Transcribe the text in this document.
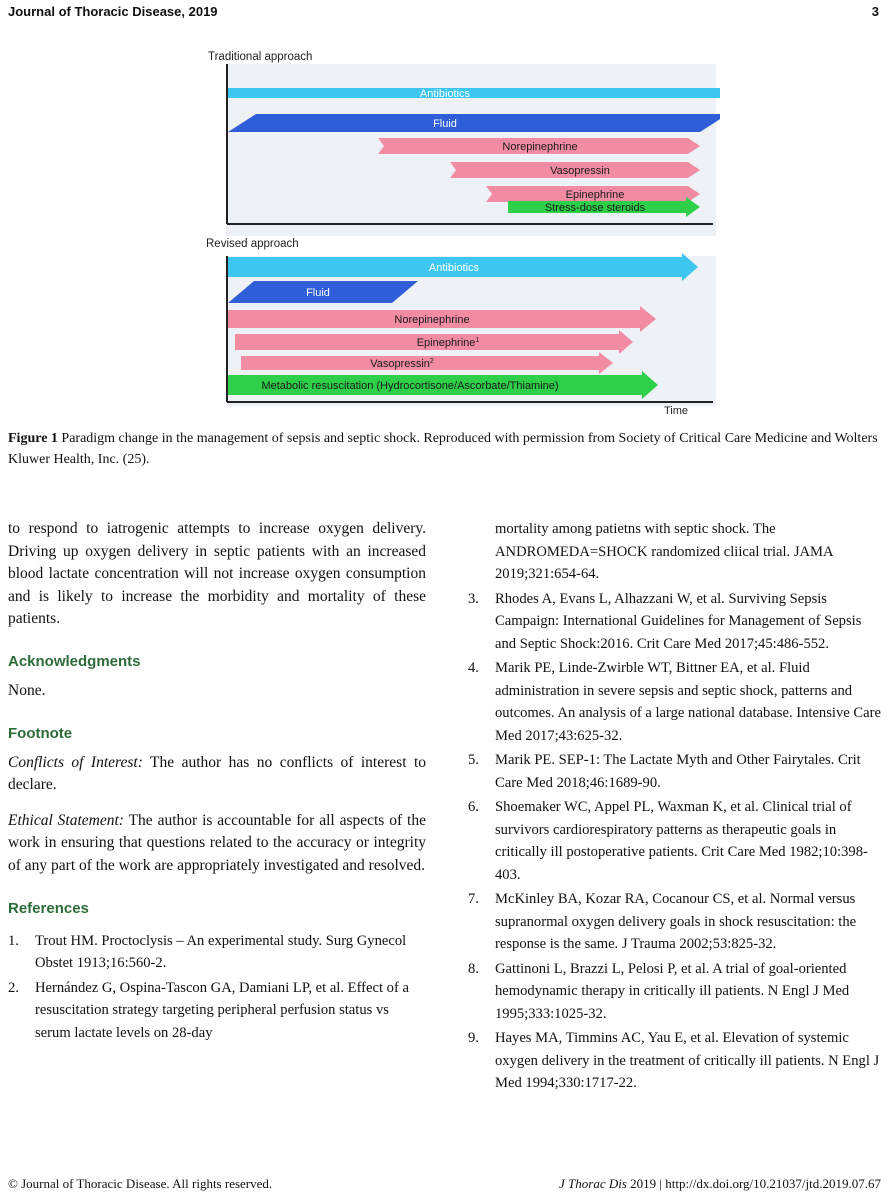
Journal of Thoracic Disease, 2019	3
Traditional approach
Revised approach
Time
Antibiotics
Fluid
Norepinephrine
Vasopressin
Epinephrine
Stress-dose steroids
Antibiotics
Fluid
Norepinephrine
Epinephrine$^1$
Vasopressin$^2$
Metabolic resuscitation (Hydrocortisone/Ascorbate/Thiamine)
Figure 1 Paradigm change in the management of sepsis and septic shock. Reproduced with permission from Society of Critical Care Medicine and Wolters Kluwer Health, Inc. (25).

to respond to iatrogenic attempts to increase oxygen delivery. Driving up oxygen delivery in septic patients with an increased blood lactate concentration will not increase oxygen consumption and is likely to increase the morbidity and mortality of these patients.

Acknowledgments

None.

Footnote

Conflicts of Interest: The author has no conflicts of interest to declare.

Ethical Statement: The author is accountable for all aspects of the work in ensuring that questions related to the accuracy or integrity of any part of the work are appropriately investigated and resolved.

References

1. Trout HM. Proctoclysis – An experimental study. Surg Gynecol Obstet 1913;16:560-2.

2. Hernández G, Ospina-Tascon GA, Damiani LP, et al. Effect of a resuscitation strategy targeting peripheral perfusion status vs serum lactate levels on 28-day

mortality among patietns with septic shock. The ANDROMEDA=SHOCK randomized cliical trial. JAMA 2019;321:654-64.

3. Rhodes A, Evans L, Alhazzani W, et al. Surviving Sepsis Campaign: International Guidelines for Management of Sepsis and Septic Shock:2016. Crit Care Med 2017;45:486-552.

4. Marik PE, Linde-Zwirble WT, Bittner EA, et al. Fluid administration in severe sepsis and septic shock, patterns and outcomes. An analysis of a large national database. Intensive Care Med 2017;43:625-32.

5. Marik PE. SEP-1: The Lactate Myth and Other Fairytales. Crit Care Med 2018;46:1689-90.

6. Shoemaker WC, Appel PL, Waxman K, et al. Clinical trial of survivors cardiorespiratory patterns as therapeutic goals in critically ill postoperative patients. Crit Care Med 1982;10:398-403.

7. McKinley BA, Kozar RA, Cocanour CS, et al. Normal versus supranormal oxygen delivery goals in shock resuscitation: the response is the same. J Trauma 2002;53:825-32.

8. Gattinoni L, Brazzi L, Pelosi P, et al. A trial of goal-oriented hemodynamic therapy in critically ill patients. N Engl J Med 1995;333:1025-32.

9. Hayes MA, Timmins AC, Yau E, et al. Elevation of systemic oxygen delivery in the treatment of critically ill patients. N Engl J Med 1994;330:1717-22.

© Journal of Thoracic Disease. All rights reserved.	J Thorac Dis 2019 | http://dx.doi.org/10.21037/jtd.2019.07.67
